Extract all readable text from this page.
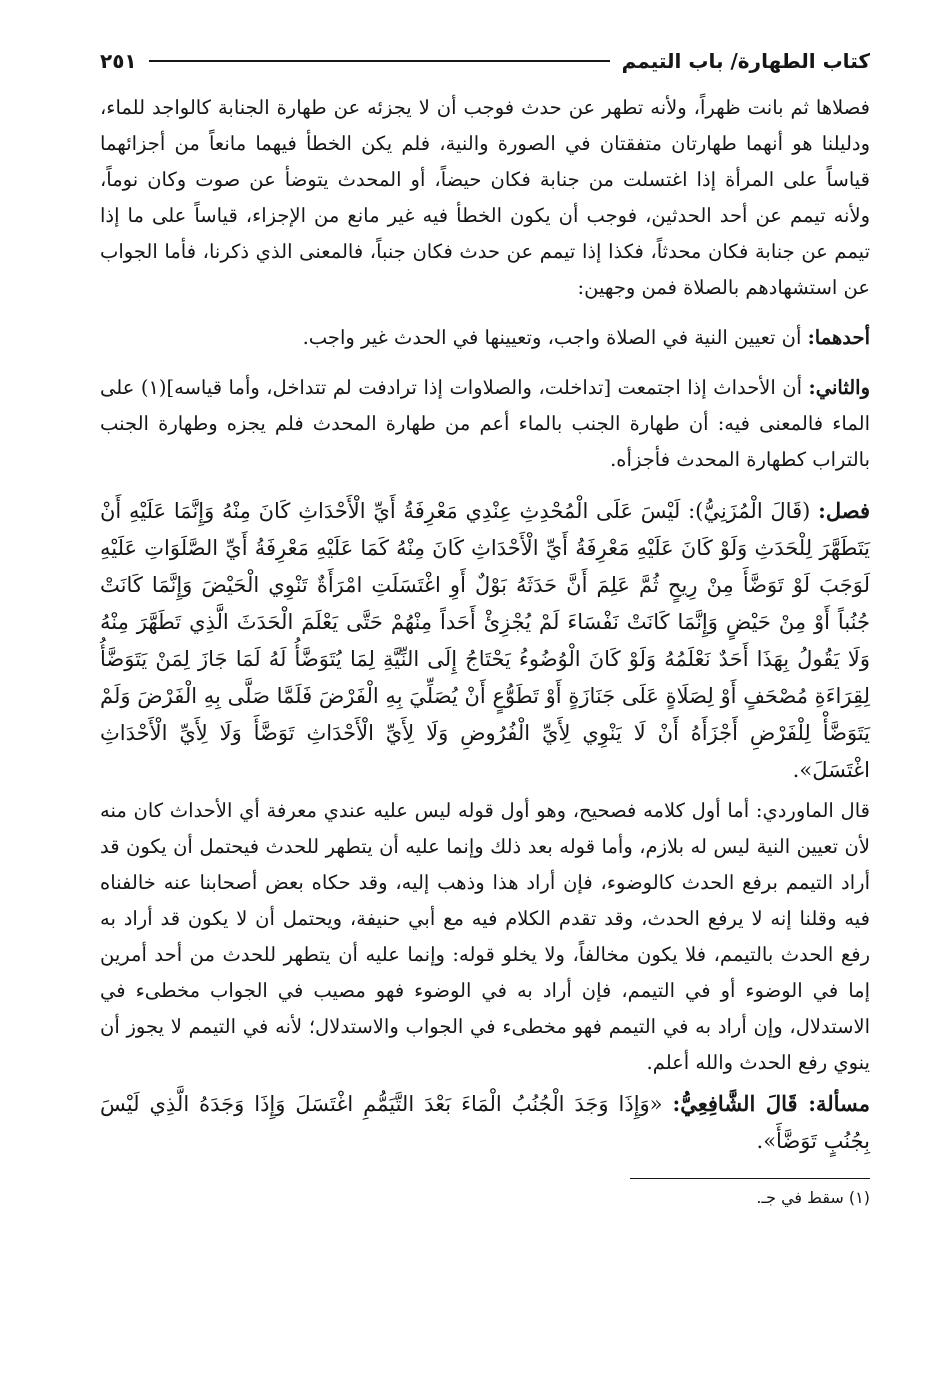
كتاب الطهارة/ باب التيمم
٢٥١

فصلاها ثم بانت ظهراً، ولأنه تطهر عن حدث فوجب أن لا يجزئه عن طهارة الجنابة كالواجد للماء، ودليلنا هو أنهما طهارتان متفقتان في الصورة والنية، فلم يكن الخطأ فيهما مانعاً من أجزائهما قياساً على المرأة إذا اغتسلت من جنابة فكان حيضاً، أو المحدث يتوضأ عن صوت وكان نوماً، ولأنه تيمم عن أحد الحدثين، فوجب أن يكون الخطأ فيه غير مانع من الإجزاء، قياساً على ما إذا تيمم عن جنابة فكان محدثاً، فكذا إذا تيمم عن حدث فكان جنباً، فالمعنى الذي ذكرنا، فأما الجواب عن استشهادهم بالصلاة فمن وجهين:

أحدهما: أن تعيين النية في الصلاة واجب، وتعيينها في الحدث غير واجب.

والثاني: أن الأحداث إذا اجتمعت [تداخلت، والصلاوات إذا ترادفت لم تتداخل، وأما قياسه](١) على الماء فالمعنى فيه: أن طهارة الجنب بالماء أعم من طهارة المحدث فلم يجزه وطهارة الجنب بالتراب كطهارة المحدث فأجزأه.

فصل: (قَالَ الْمُزَنِيُّ): لَيْسَ عَلَى الْمُحْدِثِ عِنْدِي مَعْرِفَةُ أَيِّ الْأَحْدَاثِ كَانَ مِنْهُ وَإِنَّمَا عَلَيْهِ أَنْ يَتَطَهَّرَ لِلْحَدَثِ وَلَوْ كَانَ عَلَيْهِ مَعْرِفَةُ أَيِّ الْأَحْدَاثِ كَانَ مِنْهُ كَمَا عَلَيْهِ مَعْرِفَةُ أَيِّ الصَّلَوَاتِ عَلَيْهِ لَوَجَبَ لَوْ تَوَضَّأَ مِنْ رِيحٍ ثُمَّ عَلِمَ أَنَّ حَدَثَهُ بَوْلٌ أَوِ اغْتَسَلَتِ امْرَأَةٌ تَنْوِي الْحَيْضَ وَإِنَّمَا كَانَتْ جُنُباً أَوْ مِنْ حَيْضٍ وَإِنَّمَا كَانَتْ نَفْسَاءَ لَمْ يُجْزِئْ أَحَداً مِنْهُمْ حَتَّى يَعْلَمَ الْحَدَثَ الَّذِي تَطَهَّرَ مِنْهُ وَلَا يَقُولُ بِهَذَا أَحَدٌ نَعْلَمُهُ وَلَوْ كَانَ الْوُضُوءُ يَحْتَاجُ إِلَى النِّيَّةِ لِمَا يُتَوَضَّأُ لَهُ لَمَا جَازَ لِمَنْ يَتَوَضَّأُ لِقِرَاءَةِ مُصْحَفٍ أَوْ لِصَلَاةٍ عَلَى جَنَازَةٍ أَوْ تَطَوُّعٍ أَنْ يُصَلِّيَ بِهِ الْفَرْضَ فَلَمَّا صَلَّى بِهِ الْفَرْضَ وَلَمْ يَتَوَضَّأْ لِلْفَرْضِ أَجْزَأَهُ أَنْ لَا يَنْوِي لِأَيِّ الْفُرُوضِ وَلَا لِأَيِّ الْأَحْدَاثِ تَوَضَّأَ وَلَا لِأَيِّ الْأَحْدَاثِ اغْتَسَلَ».

قال الماوردي: أما أول كلامه فصحيح، وهو أول قوله ليس عليه عندي معرفة أي الأحداث كان منه لأن تعيين النية ليس له بلازم، وأما قوله بعد ذلك وإنما عليه أن يتطهر للحدث فيحتمل أن يكون قد أراد التيمم برفع الحدث كالوضوء، فإن أراد هذا وذهب إليه، وقد حكاه بعض أصحابنا عنه خالفناه فيه وقلنا إنه لا يرفع الحدث، وقد تقدم الكلام فيه مع أبي حنيفة، ويحتمل أن لا يكون قد أراد به رفع الحدث بالتيمم، فلا يكون مخالفاً، ولا يخلو قوله: وإنما عليه أن يتطهر للحدث من أحد أمرين إما في الوضوء أو في التيمم، فإن أراد به في الوضوء فهو مصيب في الجواب مخطىء في الاستدلال، وإن أراد به في التيمم فهو مخطىء في الجواب والاستدلال؛ لأنه في التيمم لا يجوز أن ينوي رفع الحدث والله أعلم.

مسألة: قَالَ الشَّافِعِيُّ: «وَإِذَا وَجَدَ الْجُنُبُ الْمَاءَ بَعْدَ التَّيَمُّمِ اغْتَسَلَ وَإِذَا وَجَدَهُ الَّذِي لَيْسَ بِجُنُبٍ تَوَضَّأَ».

(١) سقط في جـ.
